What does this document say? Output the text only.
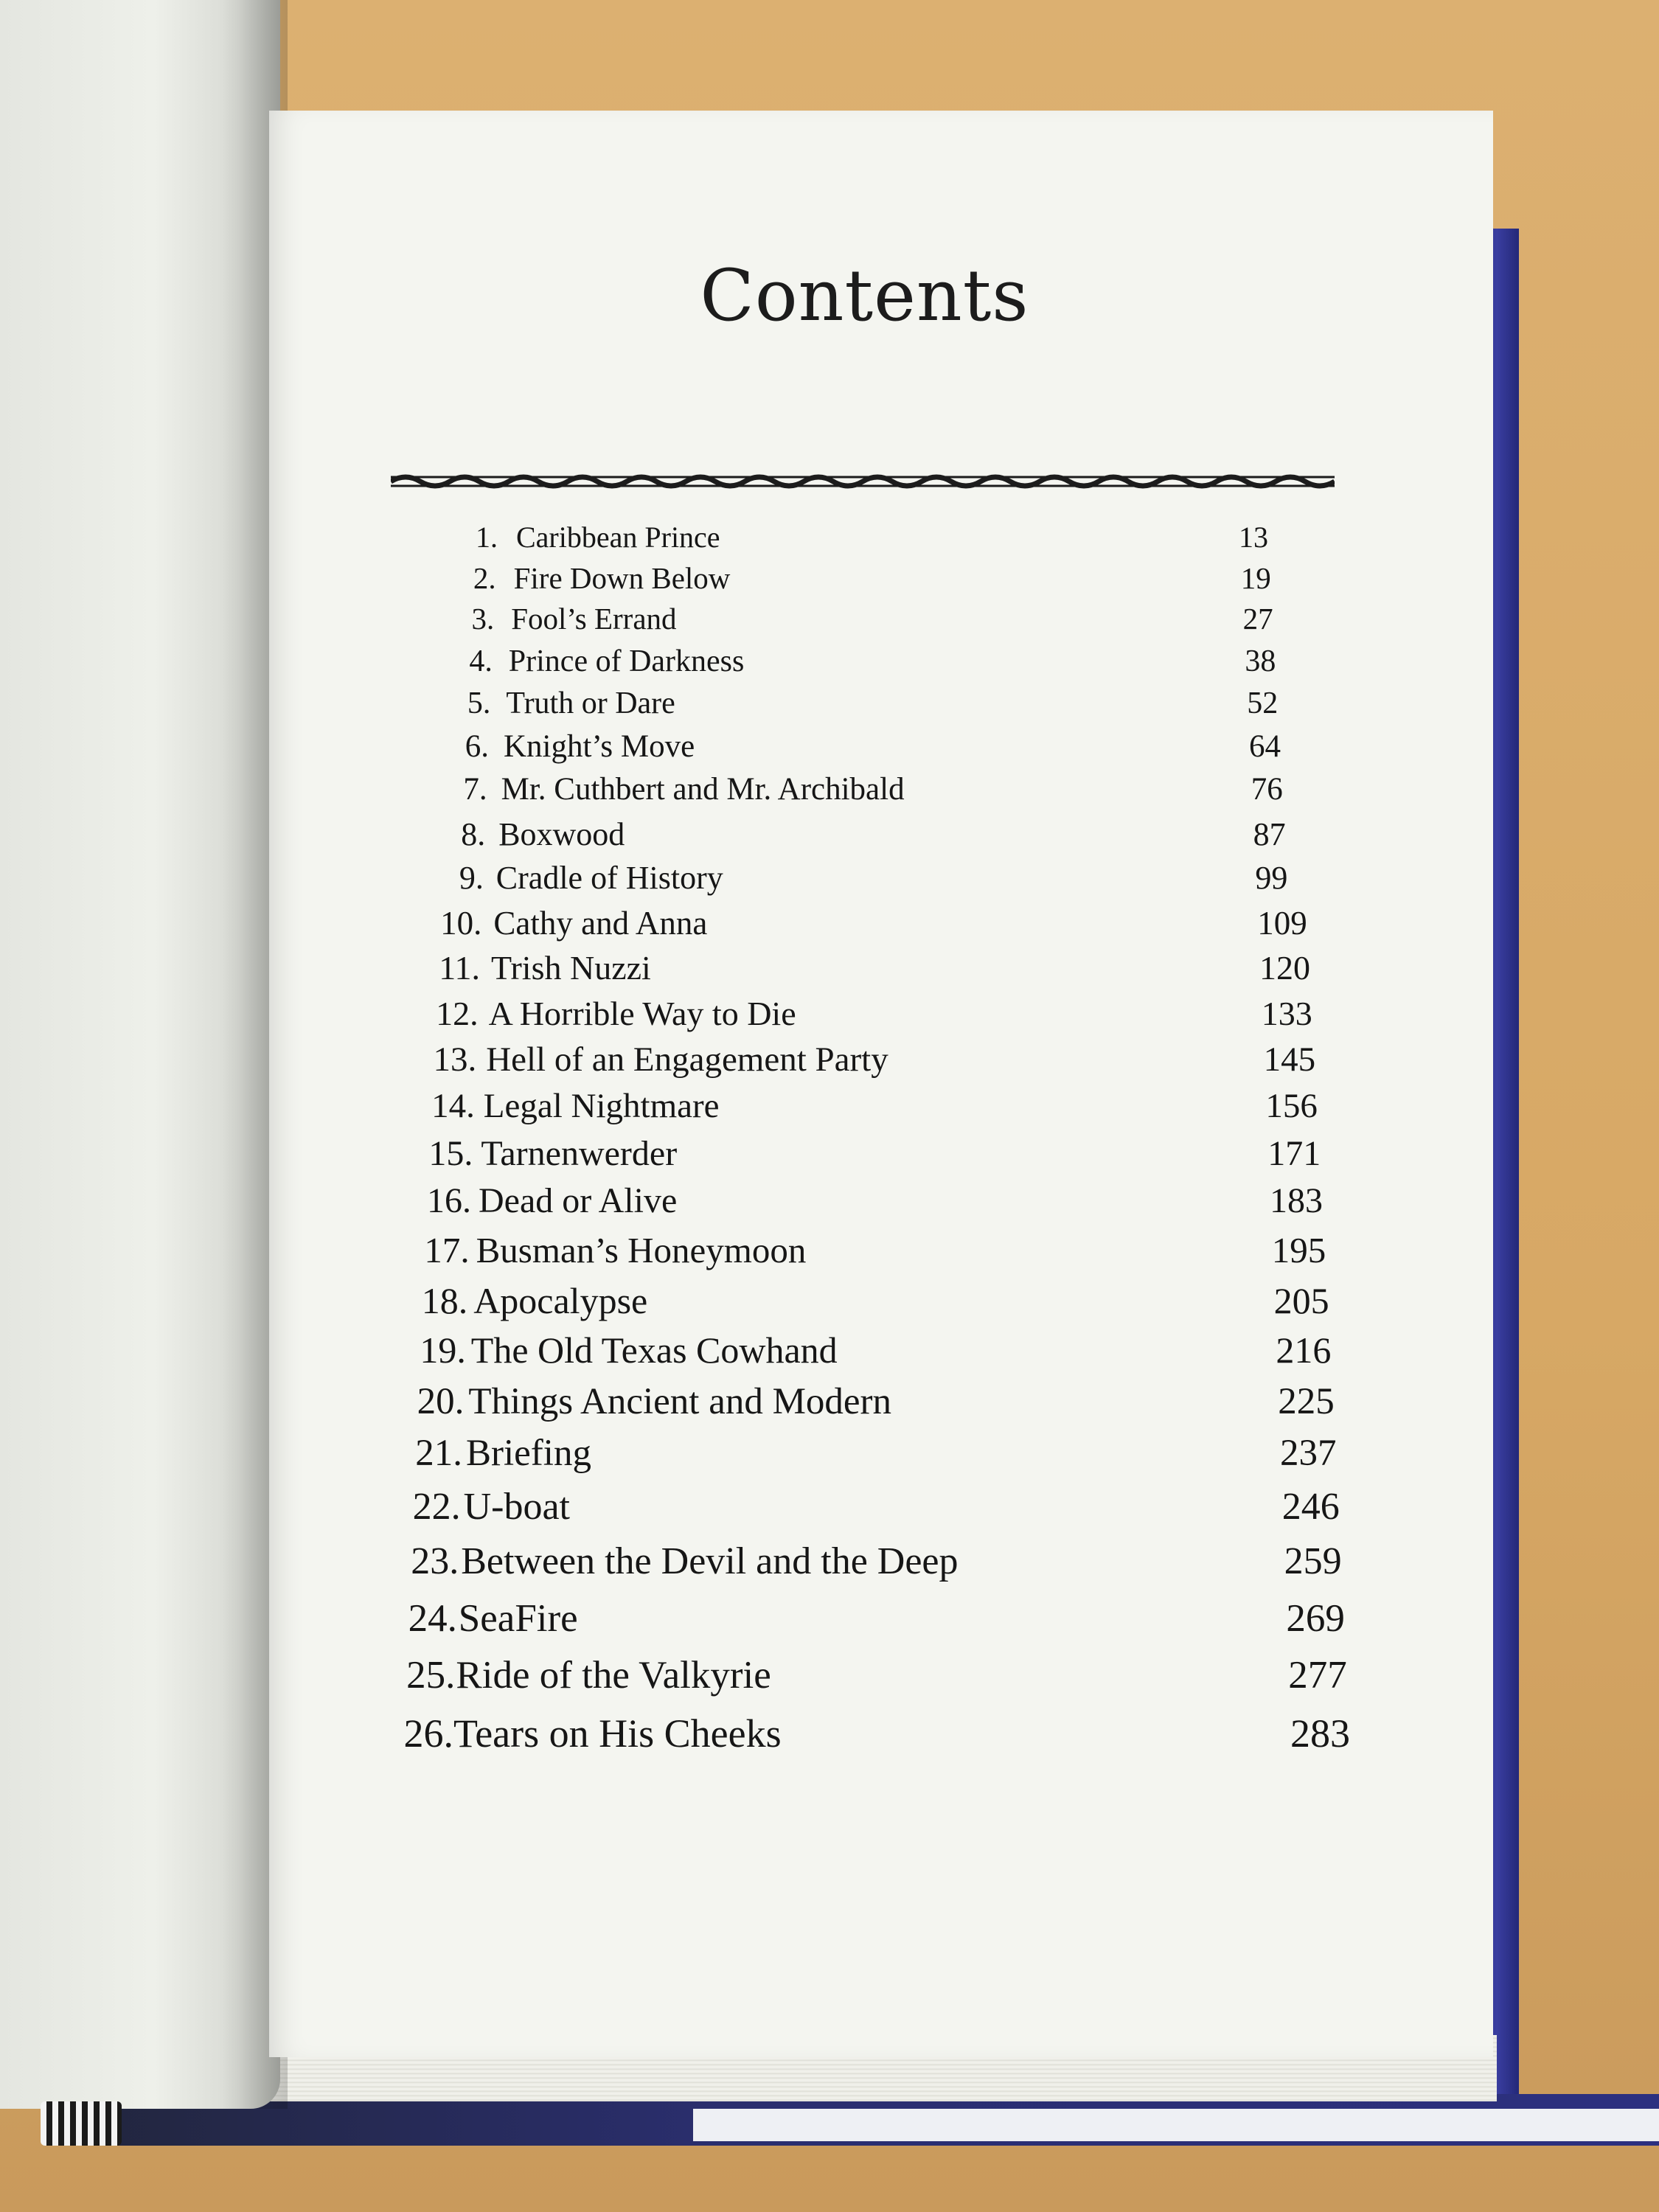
Contents
1. Caribbean Prince	13
2. Fire Down Below	19
3. Fool’s Errand	27
4. Prince of Darkness	38
5. Truth or Dare	52
6. Knight’s Move	64
7. Mr. Cuthbert and Mr. Archibald	76
8. Boxwood	87
9. Cradle of History	99
10. Cathy and Anna	109
11. Trish Nuzzi	120
12. A Horrible Way to Die	133
13. Hell of an Engagement Party	145
14. Legal Nightmare	156
15. Tarnenwerder	171
16. Dead or Alive	183
17. Busman’s Honeymoon	195
18. Apocalypse	205
19. The Old Texas Cowhand	216
20. Things Ancient and Modern	225
21. Briefing	237
22. U-boat	246
23. Between the Devil and the Deep	259
24. SeaFire	269
25. Ride of the Valkyrie	277
26. Tears on His Cheeks	283
